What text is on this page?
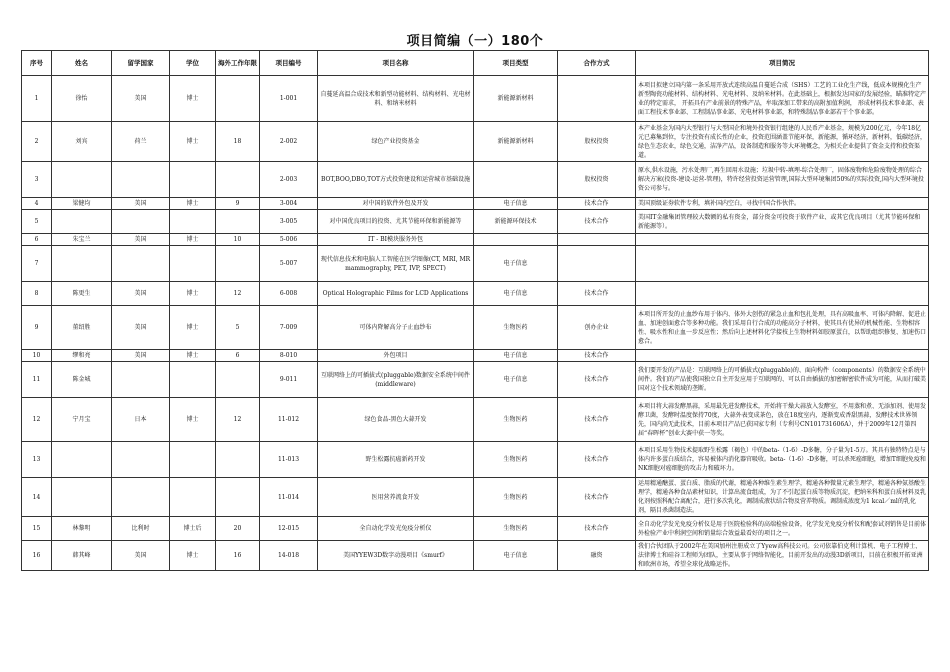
项目简编（一）180个
序号	姓名	留学国家	学位	海外工作年限	项目编号	项目名称	项目类型	合作方式	项目简况
1	徐怡	美国	博士		1-001	自蔓延高温合成技术和新型功能材料、结构材料、光电材料、和纳米材料	新能源新材料		本项目拟建立国内第一条采用开放式连续高温自蔓延合成（SHS）工艺的工业化生产线，低成本规模化生产新型陶瓷功能材料、结构材料、光电材料、及纳米材料。在此基础上，根据发达国家的发展经验，瞄准特定产业的特定需求， 开拓具有产业前景的特殊产品，牟取深加工带来的高附加值利润， 形成材料技术事业部、表面工程技术事业部、工程制品事业部、光电材料事业部，和特殊制品事业部若干个事业部。
2	刘宾	荷兰	博士	18	2-002	绿色产业投资基金	新能源新材料	股权投资	本产业基金为国内大型银行与大型国企和境外投资银行组建的人民币产业基金，规模为200亿元，今年18亿元已募集到位，专注投资有成长性的企业，投资范围涵盖节能环保，新能源，循环经济，新材料，低碳经济，绿色生态农业，绿色交通，洁净产品，设备制造和服务等大环境概念，为相关企业提供了资金支持和投资渠道。
3					2-003	BOT,BOO,DBO,TOT方式投资建设和运营城市基础设施		股权投资	原水,供水设施，污水处理厂,再生回用水设施；垃圾中转-填埋-综合处理厂，固体废物和危险废物处理的综合解决方案(投资-建设-运营-管理)，特许经营投资运营管理,国际大型环境集团50%的实际投资,国内大型环境投资公司参与。
4	梁健均	美国	博士	9	3-004	对中国的软件外包及开发	电子信息	技术合作	美国顶级证券软件专利，填补国内空白，寻找中国合作伙伴。
5					3-005	对中国优良项目的投资、尤其节能环保和新能源等	新能源环保技术	技术合作	美国IT金融集团管理较大数额的私有资金，部分资金可投资于软件产业、或其它优良项目（尤其节能环保和新能源等）。
6	朱宝兰	美国	博士	10	5-006	IT - BI模块服务外包			
7					5-007	现代信息技术和电脑人工智能在医学图像(CT, MRI, MR mammography, PET, IVP, SPECT)	电子信息		
8	陈更生	美国	博士	12	6-008	Optical Holographic Films for LCD Applications	电子信息	技术合作	
9	董绍胜	美国	博士	5	7-009	可体内降解高分子止血纱布	生物医药	创办企业	本项目所开发的止血纱布用于体内、体外大创伤的紧急止血和包扎处理，具有高吸血率、可体内降解、促进止血、加速创面愈合等多种功能。我们采用自行合成的功能高分子材料，使其具有优异的机械性能、生物相容性、吸水性和止血一步反应性；然后向上述材料化学接枝上生物材料如胶原蛋白，以帮助组织修复、加速伤口愈合。
10	缪和亮	美国	博士	6	8-010	外包项目	电子信息	技术合作	
11	陈金城				9-011	互联网络上的可插拔式(pluggable)数据安全系统中间件(middleware)	电子信息	技术合作	我们要开发的产品是：互联网络上的可插拔式(pluggable)的、面向构件（components）的数据安全系统中间件。我们的产品使我国独立自主开发应用于互联网的、可以自由插拔的加密解密软件成为可能，从而打破美国对这个技术领域的垄断。
12	宁月宝	日本	博士	12	11-012	绿色食品-黑色大蒜开发	生物医药	技术合作	本项目将大蒜发酵黑蒜，采用最先进发酵技术，开始将干燥大蒜放入发酵室，不用蒸和煮、无添加剂、使用发酵卫菌，发酵时温度保持70度，大蒜外表变成茶色，放在18度室内，逐渐变成香甜黑蒜，发酵技术世界领先，国内尚无此技术，目前本项目产品已获国家专利（专利号CN101731606A），并于2009年12月第四届“春晖杯”创业大赛中获一等奖。
13					11-013	野生松露抗癌新药开发	生物医药	技术合作	本项目采用生物技术提取野生松露（褐色）中的beta-（1-6）-D多糖，分子量为1-5万。其具有独特特点是与体内许多蛋白质结合，容易被体内消化器官吸收。beta-（1-6）-D多糖，可以杀死癌细胞，增加T细胞免疫和NK细胞对癌细胞的攻击力和破坏力。
14					11-014	医用营养流食开发	生物医药	技术合作	运用精通醣蛋、蛋白质、脂质的代谢，精通各种维生素生理学，精通各种微量元素生理学，精通各种氨基酸生理学，精通各种食品素材知识，计算出流食组成，为了不引起蛋白质等物质沉淀，把纳米科和蛋白质材料及乳化剂按照科配合离配合，进行多次乳化，调制成液状结合物及营养物质。调制成浓度为1 kcal／ml的乳化剂，隔目杀菌制造法。
15	林黎明	比利时	博士后	20	12-015	全自动化学发光免疫分析仪	生物医药	技术合作	全自动化学发光免疫分析仪是用于医院检验科的高端检验设备，化学发光免疫分析仪和配套试剂销售是目前体外检验产业中利润空间和销量综合效益最看好的项目之一。
16	韩其峰	美国	博士	16	14-018	美国YYEW3D数字动漫项目《smurf》	电子信息	融资	我们合伙团队于2002年在美国加州注册成立了Yyew高科技公司。公司依靠伯克利计算机、电子工程博士、法律博士和硅谷工程师为团队，主要从事于网络智能化，目前开发出的动漫3D新项目，目前在积极开拓亚洲和欧洲市场，希望全球化战略运作。
